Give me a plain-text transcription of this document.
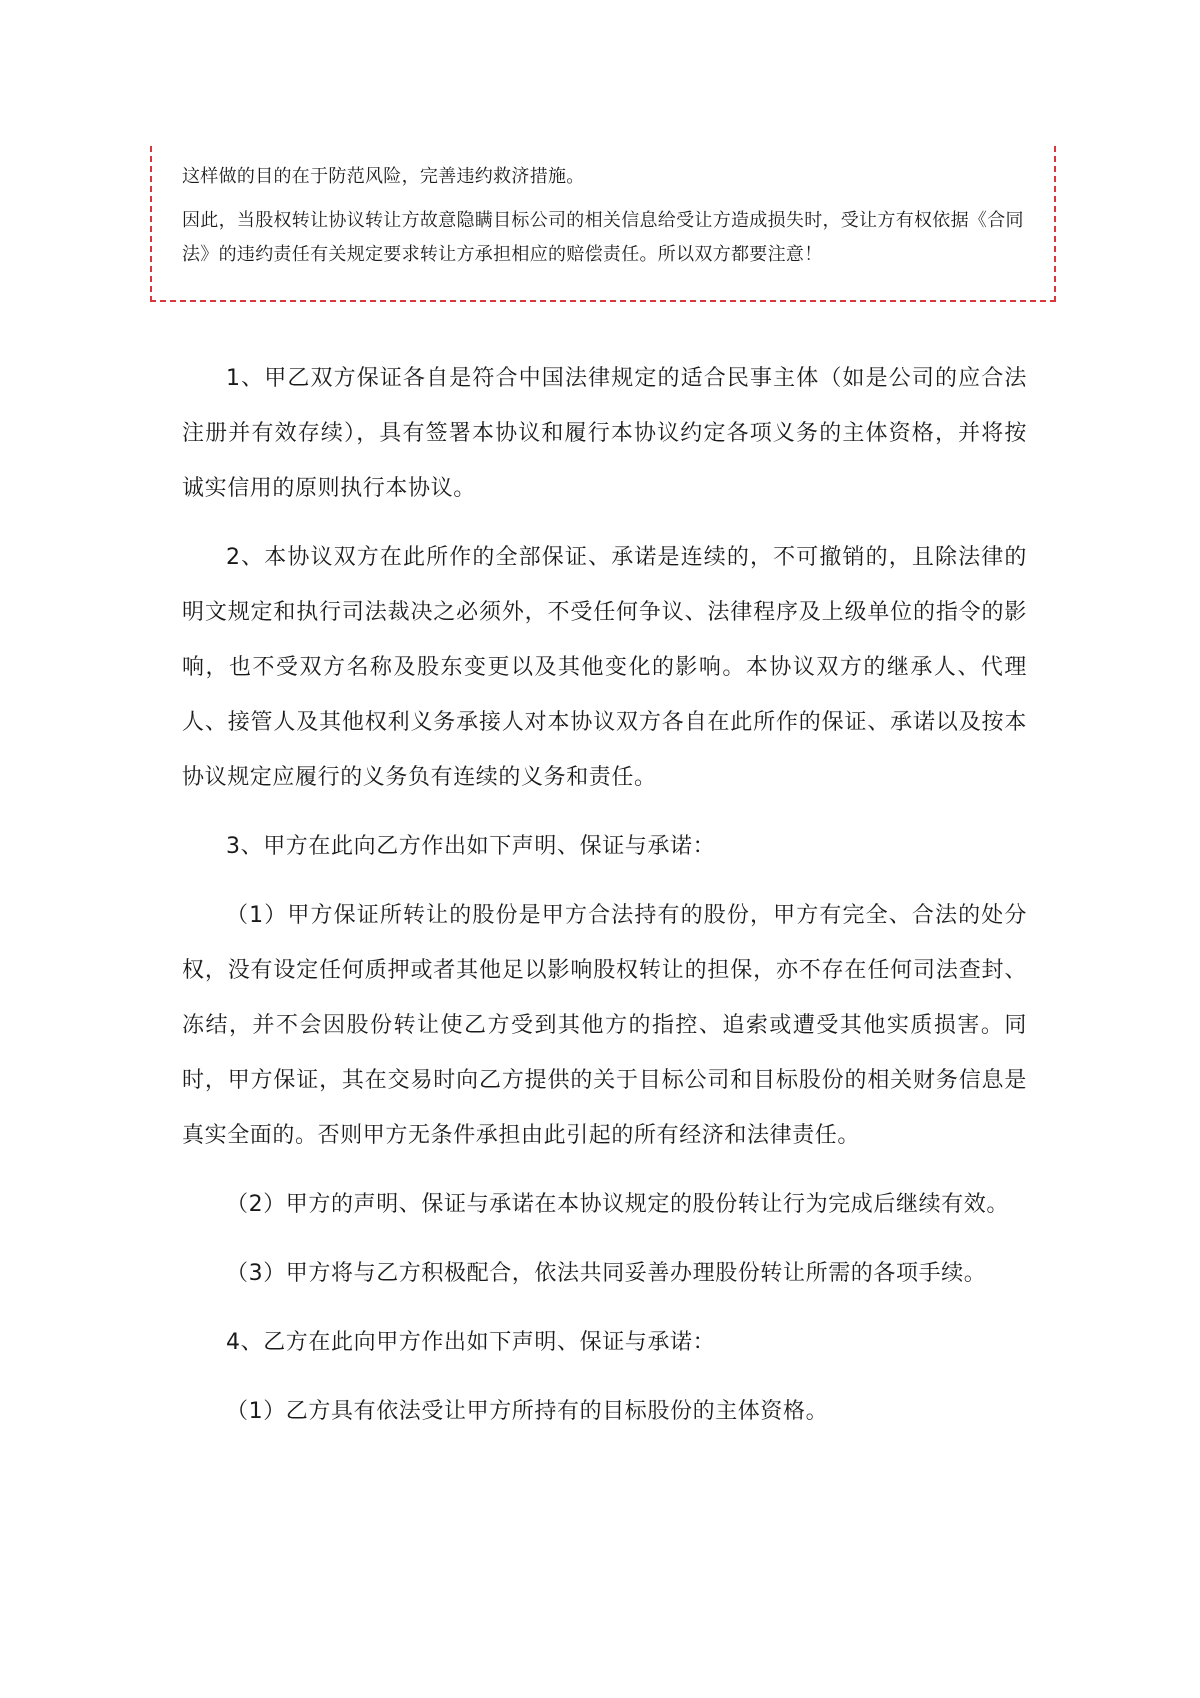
这样做的目的在于防范风险，完善违约救济措施。

因此，当股权转让协议转让方故意隐瞒目标公司的相关信息给受让方造成损失时，受让方有权依据《合同法》的违约责任有关规定要求转让方承担相应的赔偿责任。所以双方都要注意！

1、甲乙双方保证各自是符合中国法律规定的适合民事主体（如是公司的应合法注册并有效存续），具有签署本协议和履行本协议约定各项义务的主体资格，并将按诚实信用的原则执行本协议。

2、本协议双方在此所作的全部保证、承诺是连续的，不可撤销的，且除法律的明文规定和执行司法裁决之必须外，不受任何争议、法律程序及上级单位的指令的影响，也不受双方名称及股东变更以及其他变化的影响。本协议双方的继承人、代理人、接管人及其他权利义务承接人对本协议双方各自在此所作的保证、承诺以及按本协议规定应履行的义务负有连续的义务和责任。

3、甲方在此向乙方作出如下声明、保证与承诺：

（1）甲方保证所转让的股份是甲方合法持有的股份，甲方有完全、合法的处分权，没有设定任何质押或者其他足以影响股权转让的担保，亦不存在任何司法查封、冻结，并不会因股份转让使乙方受到其他方的指控、追索或遭受其他实质损害。同时，甲方保证，其在交易时向乙方提供的关于目标公司和目标股份的相关财务信息是真实全面的。否则甲方无条件承担由此引起的所有经济和法律责任。

（2）甲方的声明、保证与承诺在本协议规定的股份转让行为完成后继续有效。

（3）甲方将与乙方积极配合，依法共同妥善办理股份转让所需的各项手续。

4、乙方在此向甲方作出如下声明、保证与承诺：

（1）乙方具有依法受让甲方所持有的目标股份的主体资格。
